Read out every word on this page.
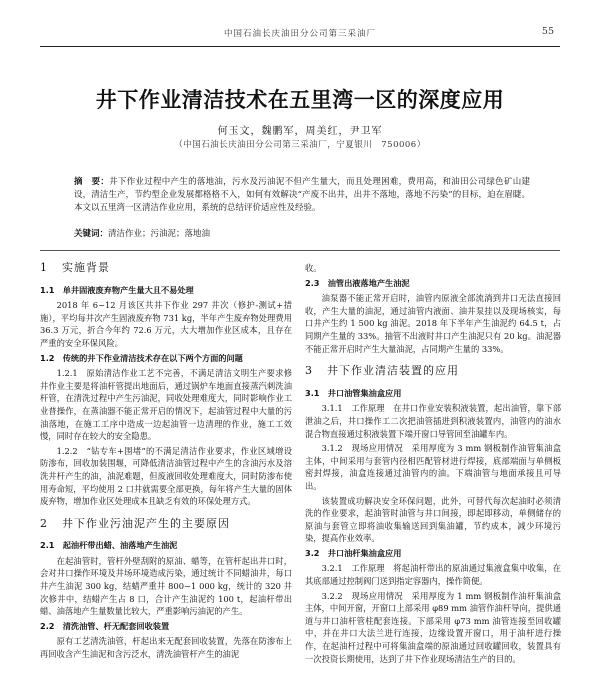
中国石油长庆油田分公司第三采油厂	55
井下作业清洁技术在五里湾一区的深度应用
何玉文，魏鹏军，周美红，尹卫军
（中国石油长庆油田分公司第三采油厂，宁夏银川　750006）
摘　要：井下作业过程中产生的落地油，污水及污油泥不但产生量大，而且处理困难，费用高，和油田公司绿色矿山建设，清洁生产，节约型企业发展都格格不入，如何有效解决“产废不出井，出井不落地，落地不污染”的目标，迫在眉睫。本文以五里湾一区清洁作业应用，系统的总结评价适应性及经验。
关键词：清洁作业；污油泥；落地油
1 实施背景
1.1　单井固液废弃物产生量大且不易处理

2018 年 6~12 月该区共井下作业 297 井次（修护-测试+措施），平均每井次产生固液废弃物 731 kg，半年产生废弃物处理费用 36.3 万元，折合今年约 72.6 万元，大大增加作业区成本，且存在严重的安全环保风险。

1.2　传统的井下作业清洁技术存在以下两个方面的问题

1.2.1　原始清洁作业工艺不完善，不满足清洁文明生产要求修井作业主要是将油杆管提出地面后，通过锅炉车地面直接蒸汽刺洗油杆管，在清洗过程中产生污油泥，同收处理难度大，同时影响作业工业普操作，在蒸油器不能正常开启的情况下，起油管过程中大量的污油落地，在施工工序中造成一边起油管一边清理的作业，施工工效慢，同时存在较大的安全隐患。

1.2.2　“钻专车+围堵”的不满足清洁作业要求，作业区域增设防渗布，回收加装围堰，可降低清洁油管过程中产生的含油污水及溶洗井杆产生的油，油泥难题，但废液回收处理难度大，同时防渗布使用寿命短，平均使用 2 口井就需要全部更换，每年将产生大量的固体废弃物，增加作业区处理成本且缺乏有效的环保处理方式。

2 井下作业污油泥产生的主要原因
2.1　起油杆带出蜡、油落地产生油泥

在起油管时，管杆外壁刮附的原油、蜡等，在管杆起出井口时，会对井口操作环境及井场环境造成污染，通过统计不同蜡油井，每口井产生油泥 300 kg，结蜡严重井 800~1 000 kg，统计的 320 井次修井中，结蜡产生占 8 口，合计产生油泥约 100 t，起油杆带出蜡、油落地产生量数量比较大，严重影响污油泥的产生。

2.2　清洗油管、杆无配套回收装置

原有工艺清洗油管，杆起出来无配套回收装置，先落在防渗布上再回收含产生油泥和含污泛水，清洗油管杆产生的油泥

收。

2.3　油管出液落地产生油泥

油泵器不能正常开启时，油管内原液全部流淌到井口无法直接回收，产生大量的油泥，通过油管内液面、油井泵挂以及现场核实，每口井产生约 1 500 kg 油泥。2018 年下半年产生油泥约 64.5 t，占同期产生量的 33%。抽管不出液时井口产生油泥只有 20 kg。油泥器不能正常开启时产生大量油泥，占同期产生量的 33%。

3 井下作业清洁装置的应用
3.1　井口油管集油盒应用

3.1.1　工作原理　在井口作业安装积液装置，起出油管，靠下部泄油之后，井口操作工二次把油管插进到积液装置内，油管内的油水混合物直接通过积液装置下端开窗口导管回至油罐车内。

3.1.2　现场应用情况　采用厚度为 3 mm 钢板制作油管集油盒主体，中间采用与套管内径相匹配管材进行焊接，底部端面与单侧板密封焊接，油盒连接通过油管内的油。下端油管与地面承接且可导出。

该装置成功解决安全环保问题，此外，可替代每次起油时必须清洗的作业要求，起油管时油管与井口间接，即起即移动，单侧储存的原油与套管立即将油收集输送回到集油罐，节约成本，减少环境污染，提高作业效率。

3.2　井口油杆集油盒应用

3.2.1　工作原理　将起油杆带出的原油通过集液盒集中收集，在其底部通过控制阀门送到指定容器内，操作简便。

3.2.2　现场应用情况　采用厚度为 1 mm 钢板制作油杆集油盒主体，中间开窗，开窗口上部采用 φ89 mm 油管作油杆导向，提供通道与井口油杆管柱配套连接。下部采用 φ73 mm 油管连接至回收罐中，并在井口大法兰进行连接，边缘设置开窗口，用于油杆进行操作，在起油杆过程中可将集油盒端的原油通过回收罐回收，装置具有一次投资长期使用，达到了井下作业现场清洁生产的目的。
